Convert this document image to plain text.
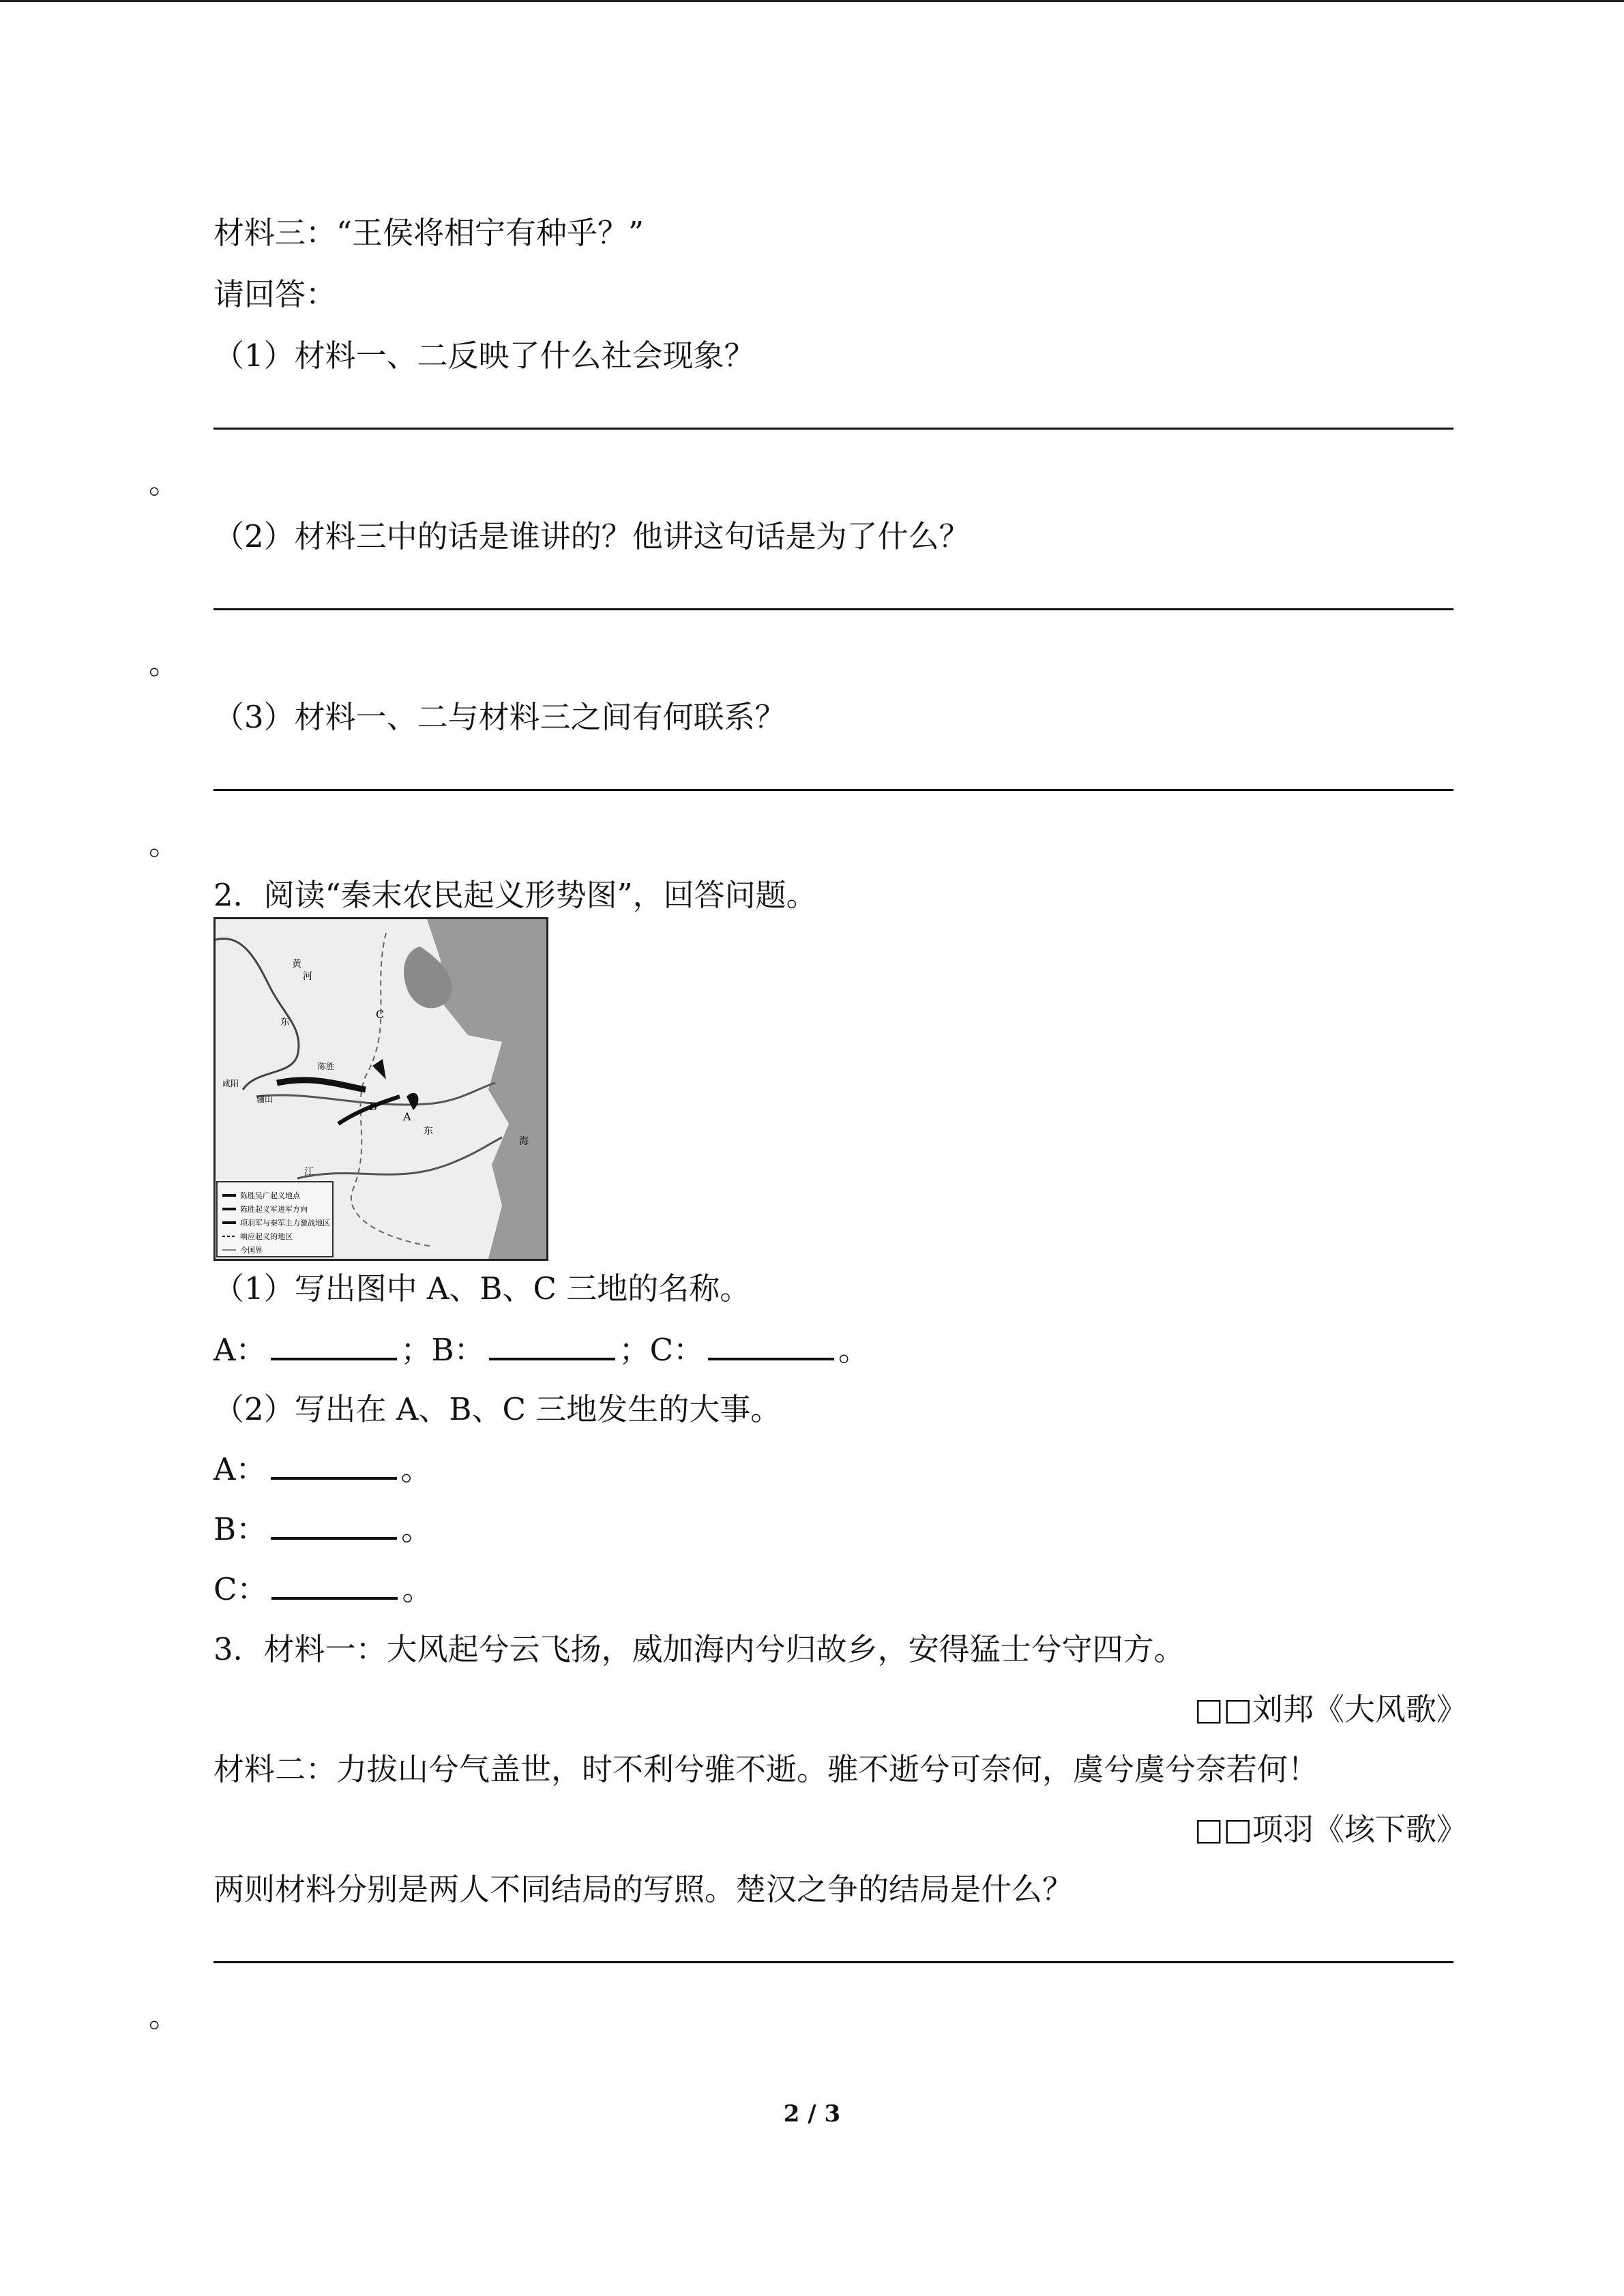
材料三：“王侯将相宁有种乎？”
请回答：
（1）材料一、二反映了什么社会现象？
。
（2）材料三中的话是谁讲的？他讲这句话是为了什么？
。
（3）材料一、二与材料三之间有何联系？
。
2．阅读“秦末农民起义形势图”，回答问题。
陈胜吴广起义地点
陈胜起义军进军方向
项羽军与秦军主力激战地区
响应起义的地区
今国界
黄
河
东
C
陈胜
咸阳
骊山
B
A
东
江
海
（1）写出图中 A、B、C 三地的名称。
A：	；B：	；C：	。
（2）写出在 A、B、C 三地发生的大事。
A：	。
B：	。
C：	。
3．材料一：大风起兮云飞扬，威加海内兮归故乡，安得猛士兮守四方。
□□刘邦《大风歌》
材料二：力拔山兮气盖世，时不利兮骓不逝。骓不逝兮可奈何，虞兮虞兮奈若何！
□□项羽《垓下歌》
两则材料分别是两人不同结局的写照。楚汉之争的结局是什么？
。
2 / 3
